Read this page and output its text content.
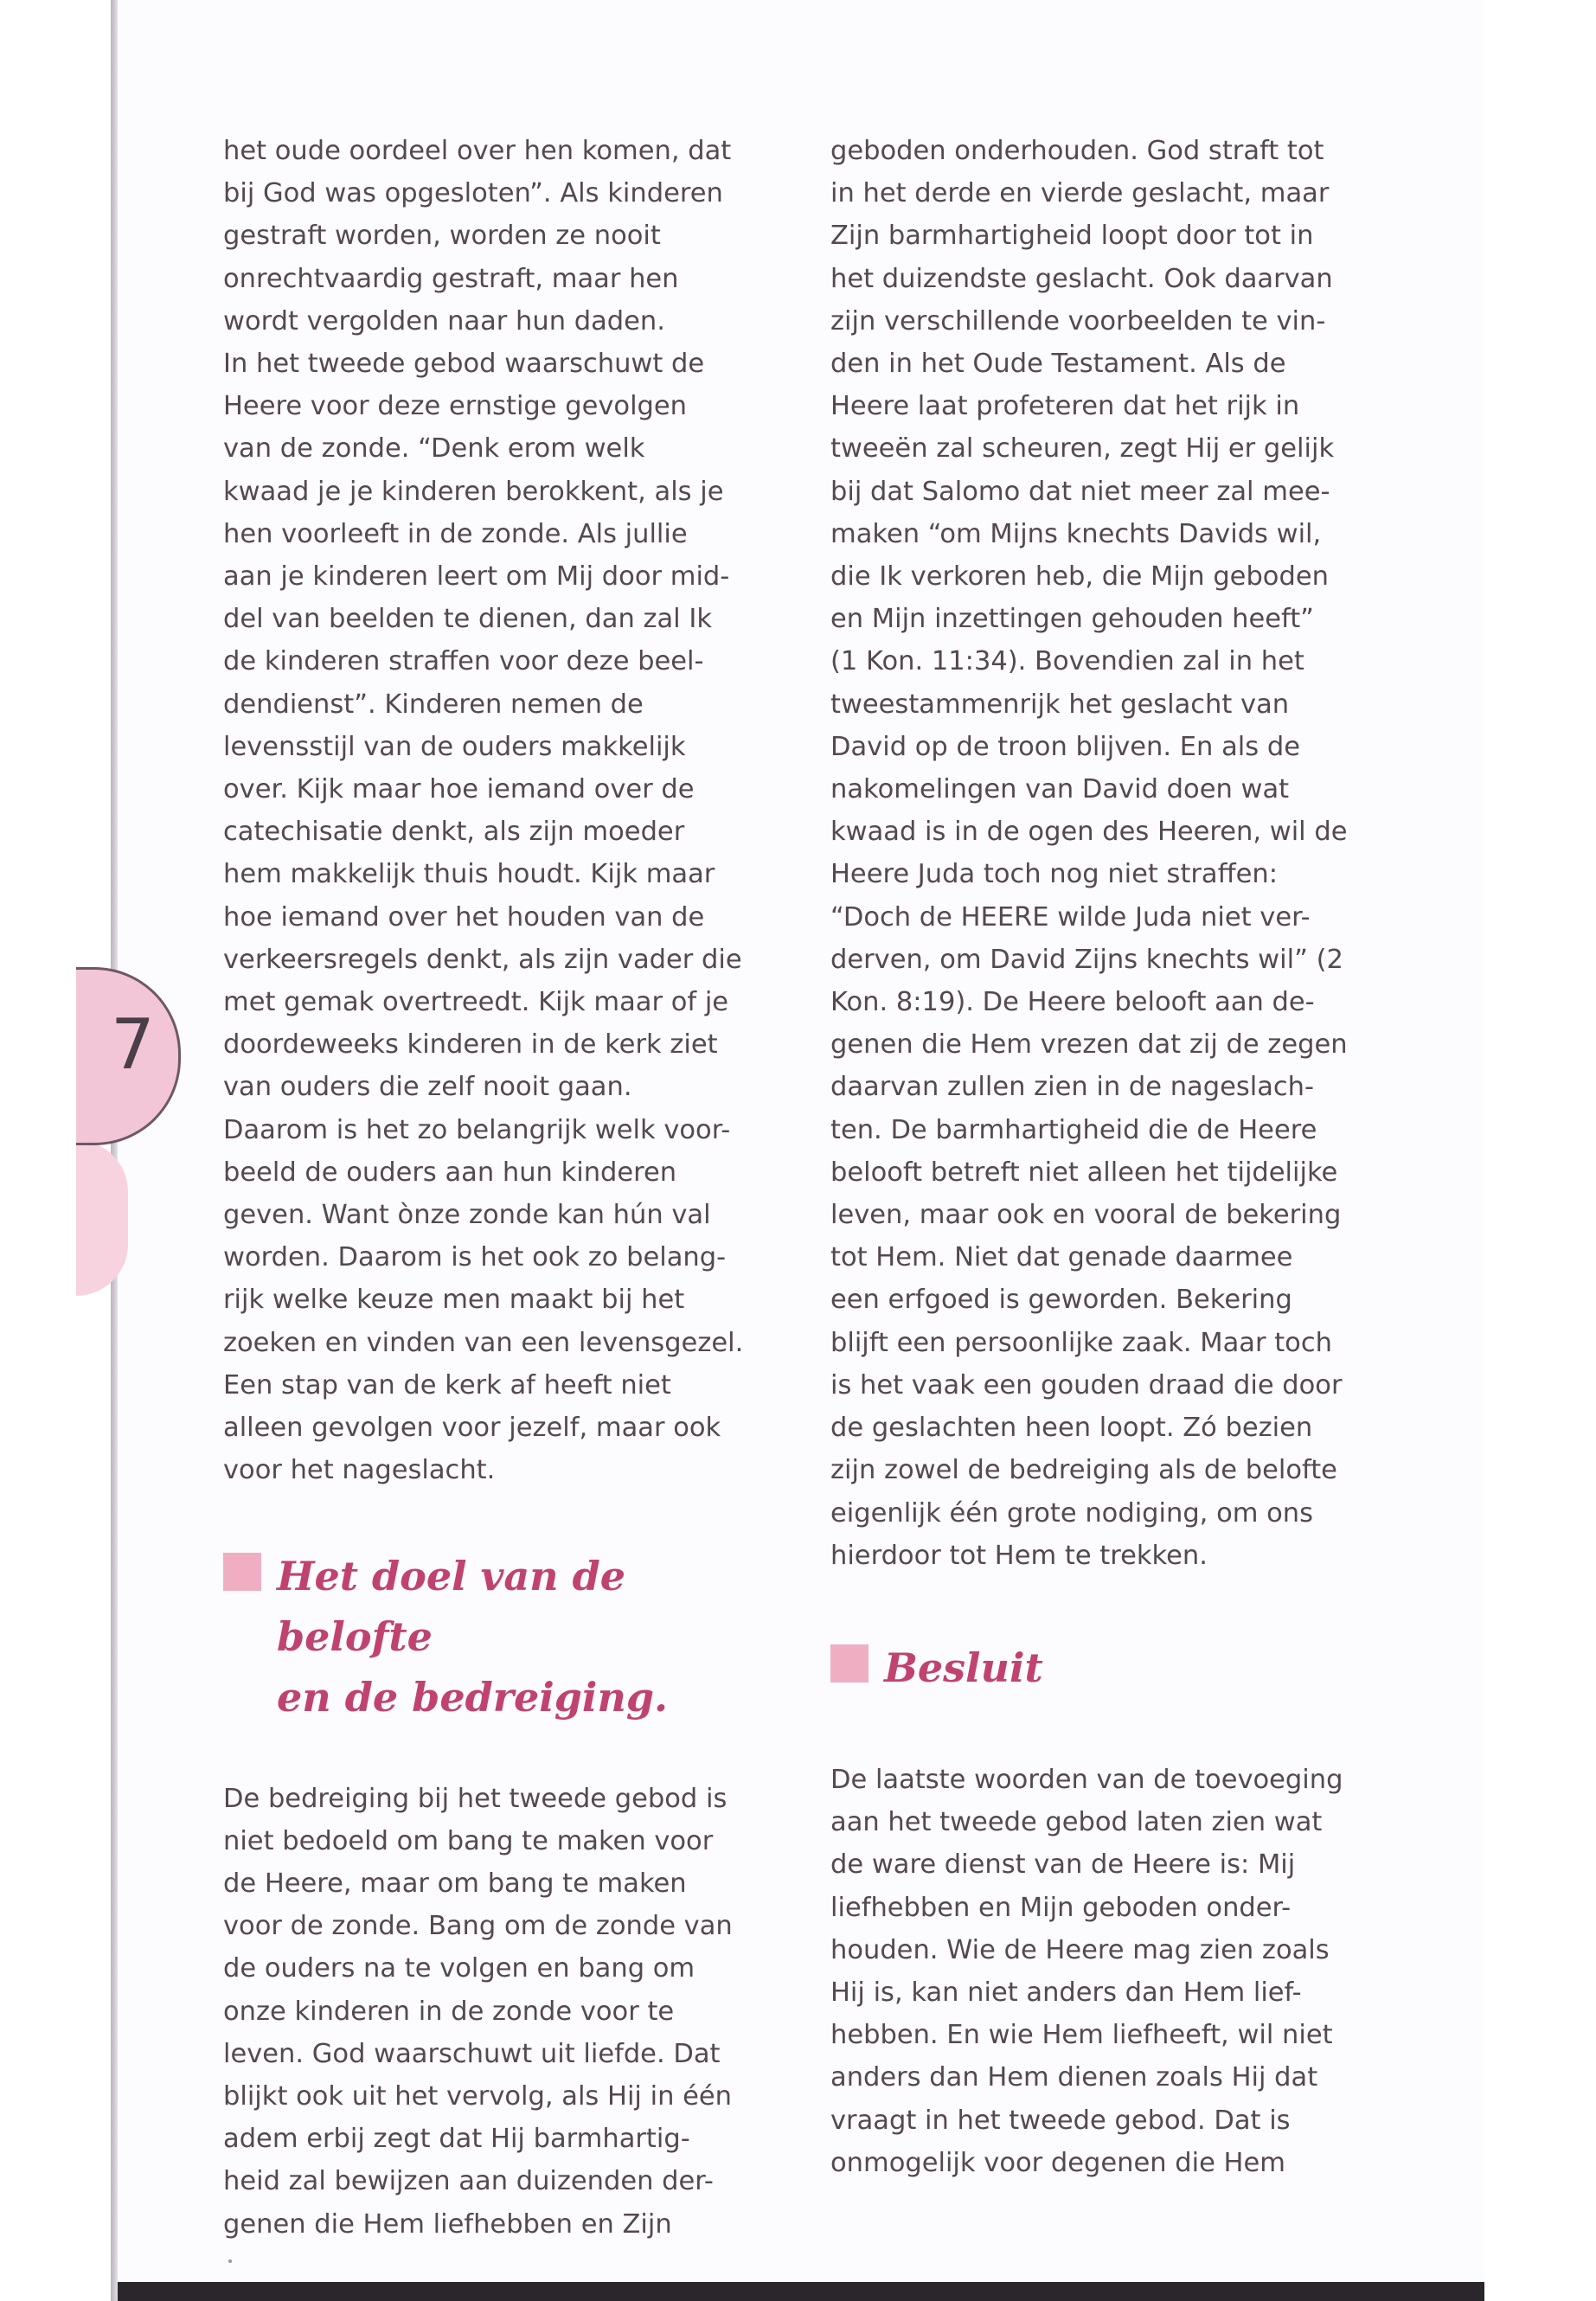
7

het oude oordeel over hen komen, dat
bij God was opgesloten”. Als kinderen
gestraft worden, worden ze nooit
onrechtvaardig gestraft, maar hen
wordt vergolden naar hun daden.
In het tweede gebod waarschuwt de
Heere voor deze ernstige gevolgen
van de zonde. “Denk erom welk
kwaad je je kinderen berokkent, als je
hen voorleeft in de zonde. Als jullie
aan je kinderen leert om Mij door mid-
del van beelden te dienen, dan zal Ik
de kinderen straffen voor deze beel-
dendienst”. Kinderen nemen de
levensstijl van de ouders makkelijk
over. Kijk maar hoe iemand over de
catechisatie denkt, als zijn moeder
hem makkelijk thuis houdt. Kijk maar
hoe iemand over het houden van de
verkeersregels denkt, als zijn vader die
met gemak overtreedt. Kijk maar of je
doordeweeks kinderen in de kerk ziet
van ouders die zelf nooit gaan.
Daarom is het zo belangrijk welk voor-
beeld de ouders aan hun kinderen
geven. Want ònze zonde kan hún val
worden. Daarom is het ook zo belang-
rijk welke keuze men maakt bij het
zoeken en vinden van een levensgezel.
Een stap van de kerk af heeft niet
alleen gevolgen voor jezelf, maar ook
voor het nageslacht.

Het doel van de belofte
en de bedreiging.

De bedreiging bij het tweede gebod is
niet bedoeld om bang te maken voor
de Heere, maar om bang te maken
voor de zonde. Bang om de zonde van
de ouders na te volgen en bang om
onze kinderen in de zonde voor te
leven. God waarschuwt uit liefde. Dat
blijkt ook uit het vervolg, als Hij in één
adem erbij zegt dat Hij barmhartig-
heid zal bewijzen aan duizenden der-
genen die Hem liefhebben en Zijn

geboden onderhouden. God straft tot
in het derde en vierde geslacht, maar
Zijn barmhartigheid loopt door tot in
het duizendste geslacht. Ook daarvan
zijn verschillende voorbeelden te vin-
den in het Oude Testament. Als de
Heere laat profeteren dat het rijk in
tweeën zal scheuren, zegt Hij er gelijk
bij dat Salomo dat niet meer zal mee-
maken “om Mijns knechts Davids wil,
die Ik verkoren heb, die Mijn geboden
en Mijn inzettingen gehouden heeft”
(1 Kon. 11:34). Bovendien zal in het
tweestammenrijk het geslacht van
David op de troon blijven. En als de
nakomelingen van David doen wat
kwaad is in de ogen des Heeren, wil de
Heere Juda toch nog niet straffen:
“Doch de HEERE wilde Juda niet ver-
derven, om David Zijns knechts wil” (2
Kon. 8:19). De Heere belooft aan de-
genen die Hem vrezen dat zij de zegen
daarvan zullen zien in de nageslach-
ten. De barmhartigheid die de Heere
belooft betreft niet alleen het tijdelijke
leven, maar ook en vooral de bekering
tot Hem. Niet dat genade daarmee
een erfgoed is geworden. Bekering
blijft een persoonlijke zaak. Maar toch
is het vaak een gouden draad die door
de geslachten heen loopt. Zó bezien
zijn zowel de bedreiging als de belofte
eigenlijk één grote nodiging, om ons
hierdoor tot Hem te trekken.

Besluit

De laatste woorden van de toevoeging
aan het tweede gebod laten zien wat
de ware dienst van de Heere is: Mij
liefhebben en Mijn geboden onder-
houden. Wie de Heere mag zien zoals
Hij is, kan niet anders dan Hem lief-
hebben. En wie Hem liefheeft, wil niet
anders dan Hem dienen zoals Hij dat
vraagt in het tweede gebod. Dat is
onmogelijk voor degenen die Hem
